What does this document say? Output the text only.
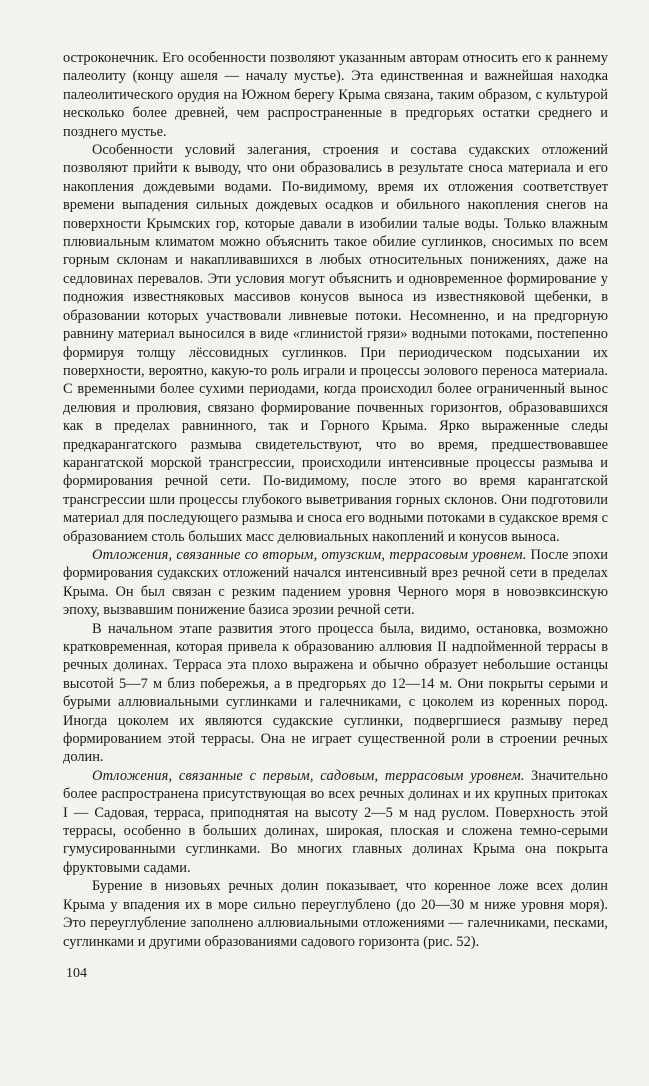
остроконечник. Его особенности позволяют указанным авторам относить его к раннему палеолиту (концу ашеля — началу мустье). Эта единственная и важнейшая находка палеолитического орудия на Южном берегу Крыма связана, таким образом, с культурой несколько более древней, чем распространенные в предгорьях остатки среднего и позднего мустье.

Особенности условий залегания, строения и состава судакских отложений позволяют прийти к выводу, что они образовались в результате сноса материала и его накопления дождевыми водами. По-видимому, время их отложения соответствует времени выпадения сильных дождевых осадков и обильного накопления снегов на поверхности Крымских гор, которые давали в изобилии талые воды. Только влажным плювиальным климатом можно объяснить такое обилие суглинков, сносимых по всем горным склонам и накапливавшихся в любых относительных понижениях, даже на седловинах перевалов. Эти условия могут объяснить и одновременное формирование у подножия известняковых массивов конусов выноса из известняковой щебенки, в образовании которых участвовали ливневые потоки. Несомненно, и на предгорную равнину материал выносился в виде «глинистой грязи» водными потоками, постепенно формируя толщу лёссовидных суглинков. При периодическом подсыхании их поверхности, вероятно, какую-то роль играли и процессы эолового переноса материала. С временными более сухими периодами, когда происходил более ограниченный вынос делювия и пролювия, связано формирование почвенных горизонтов, образовавшихся как в пределах равнинного, так и Горного Крыма. Ярко выраженные следы предкарангатского размыва свидетельствуют, что во время, предшествовавшее карангатской морской трансгрессии, происходили интенсивные процессы размыва и формирования речной сети. По-видимому, после этого во время карангатской трансгрессии шли процессы глубокого выветривания горных склонов. Они подготовили материал для последующего размыва и сноса его водными потоками в судакское время с образованием столь больших масс делювиальных накоплений и конусов выноса.

Отложения, связанные со вторым, отузским, террасовым уровнем. После эпохи формирования судакских отложений начался интенсивный врез речной сети в пределах Крыма. Он был связан с резким падением уровня Черного моря в новоэвксинскую эпоху, вызвавшим понижение базиса эрозии речной сети.

В начальном этапе развития этого процесса была, видимо, остановка, возможно кратковременная, которая привела к образованию аллювия II надпойменной террасы в речных долинах. Терраса эта плохо выражена и обычно образует небольшие останцы высотой 5—7 м близ побережья, а в предгорьях до 12—14 м. Они покрыты серыми и бурыми аллювиальными суглинками и галечниками, с цоколем из коренных пород. Иногда цоколем их являются судакские суглинки, подвергшиеся размыву перед формированием этой террасы. Она не играет существенной роли в строении речных долин.

Отложения, связанные с первым, садовым, террасовым уровнем. Значительно более распространена присутствующая во всех речных долинах и их крупных притоках I — Садовая, терраса, приподнятая на высоту 2—5 м над руслом. Поверхность этой террасы, особенно в больших долинах, широкая, плоская и сложена темно-серыми гумусированными суглинками. Во многих главных долинах Крыма она покрыта фруктовыми садами.

Бурение в низовьях речных долин показывает, что коренное ложе всех долин Крыма у впадения их в море сильно переуглублено (до 20—30 м ниже уровня моря). Это переуглубление заполнено аллювиальными отложениями — галечниками, песками, суглинками и другими образованиями садового горизонта (рис. 52).

104
